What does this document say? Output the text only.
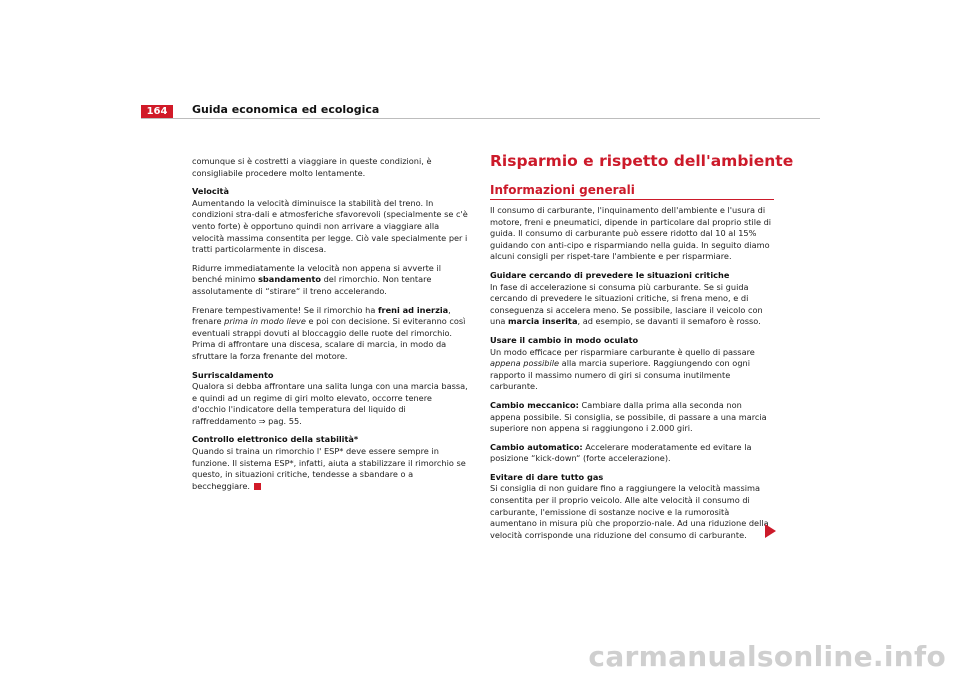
164	Guida economica ed ecologica

comunque si è costretti a viaggiare in queste condizioni, è consigliabile procedere molto lentamente.

Velocità
Aumentando la velocità diminuisce la stabilità del treno. In condizioni stra-dali e atmosferiche sfavorevoli (specialmente se c'è vento forte) è opportuno quindi non arrivare a viaggiare alla velocità massima consentita per legge. Ciò vale specialmente per i tratti particolarmente in discesa.

Ridurre immediatamente la velocità non appena si avverte il benché minimo sbandamento del rimorchio. Non tentare assolutamente di “stirare“ il treno accelerando.

Frenare tempestivamente! Se il rimorchio ha freni ad inerzia, frenare prima in modo lieve e poi con decisione. Si eviteranno così eventuali strappi dovuti al bloccaggio delle ruote del rimorchio. Prima di affrontare una discesa, scalare di marcia, in modo da sfruttare la forza frenante del motore.

Surriscaldamento
Qualora si debba affrontare una salita lunga con una marcia bassa, e quindi ad un regime di giri molto elevato, occorre tenere d'occhio l'indicatore della temperatura del liquido di raffreddamento ⇒ pag. 55.

Controllo elettronico della stabilità*
Quando si traina un rimorchio l' ESP* deve essere sempre in funzione. Il sistema ESP*, infatti, aiuta a stabilizzare il rimorchio se questo, in situazioni critiche, tendesse a sbandare o a beccheggiare.

Risparmio e rispetto dell'ambiente
Informazioni generali

Il consumo di carburante, l'inquinamento dell'ambiente e l'usura di motore, freni e pneumatici, dipende in particolare dal proprio stile di guida. Il consumo di carburante può essere ridotto dal 10 al 15% guidando con anti-cipo e risparmiando nella guida. In seguito diamo alcuni consigli per rispet-tare l'ambiente e per risparmiare.

Guidare cercando di prevedere le situazioni critiche
In fase di accelerazione si consuma più carburante. Se si guida cercando di prevedere le situazioni critiche, si frena meno, e di conseguenza si accelera meno. Se possibile, lasciare il veicolo con una marcia inserita, ad esempio, se davanti il semaforo è rosso.

Usare il cambio in modo oculato
Un modo efficace per risparmiare carburante è quello di passare appena possibile alla marcia superiore. Raggiungendo con ogni rapporto il massimo numero di giri si consuma inutilmente carburante.

Cambio meccanico: Cambiare dalla prima alla seconda non appena possibile. Si consiglia, se possibile, di passare a una marcia superiore non appena si raggiungono i 2.000 giri.

Cambio automatico: Accelerare moderatamente ed evitare la posizione “kick-down“ (forte accelerazione).

Evitare di dare tutto gas
Si consiglia di non guidare fino a raggiungere la velocità massima consentita per il proprio veicolo. Alle alte velocità il consumo di carburante, l'emissione di sostanze nocive e la rumorosità aumentano in misura più che proporzio-nale. Ad una riduzione della velocità corrisponde una riduzione del consumo di carburante.

carmanualsonline.info
